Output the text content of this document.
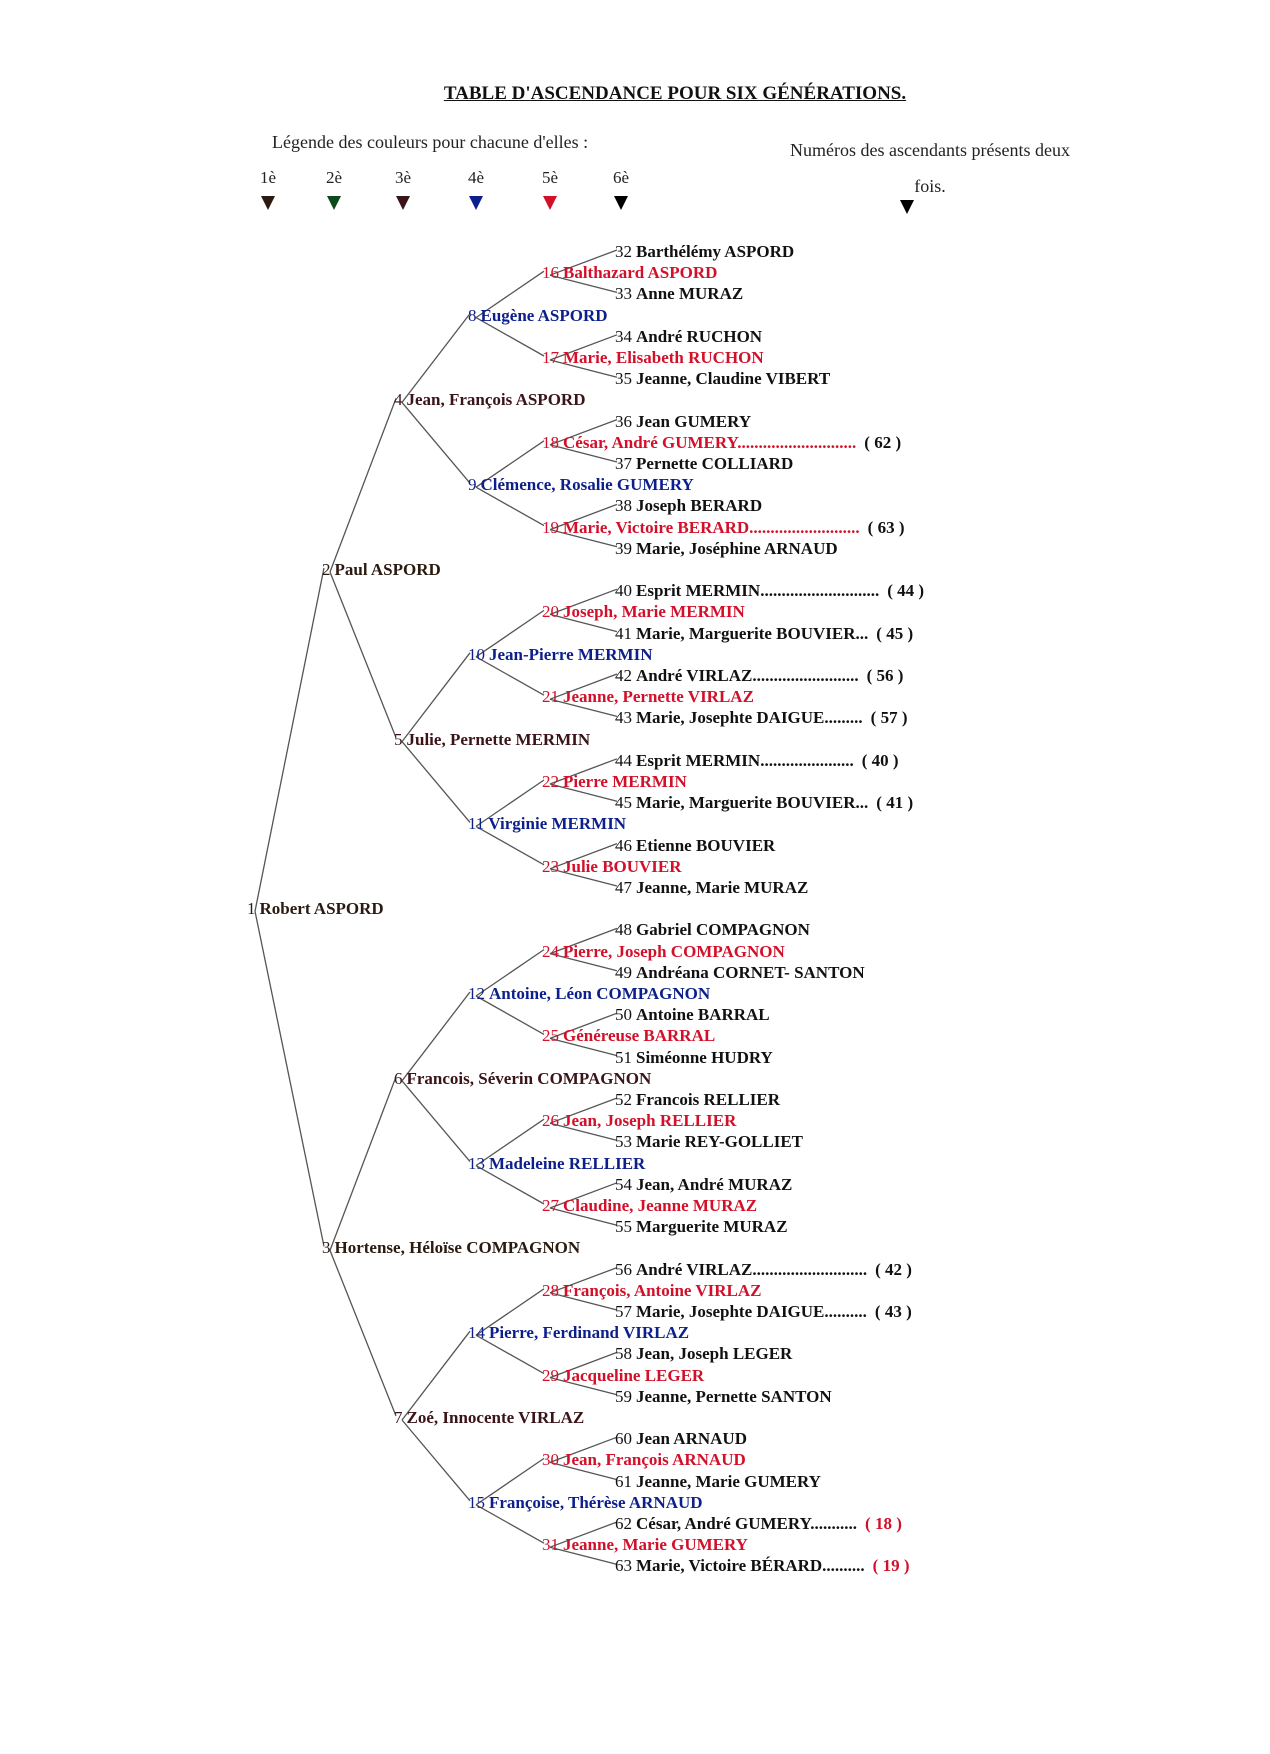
TABLE D'ASCENDANCE POUR SIX GÉNÉRATIONS.
Légende des couleurs pour chacune d'elles :	Numéros des ascendants présents deux fois.
1è	2è	3è	4è	5è	6è
1 Robert ASPORD
2 Paul ASPORD
3 Hortense, Héloïse COMPAGNON
4 Jean, François ASPORD
5 Julie, Pernette MERMIN
6 Francois, Séverin COMPAGNON
7 Zoé, Innocente VIRLAZ
8 Eugène ASPORD
9 Clémence, Rosalie GUMERY
10 Jean-Pierre MERMIN
11 Virginie MERMIN
12 Antoine, Léon COMPAGNON
13 Madeleine RELLIER
14 Pierre, Ferdinand VIRLAZ
15 Françoise, Thérèse ARNAUD
16 Balthazard ASPORD
17 Marie, Elisabeth RUCHON
18 César, André GUMERY............................ ( 62 )
19 Marie, Victoire BERARD.......................... ( 63 )
20 Joseph, Marie MERMIN
21 Jeanne, Pernette VIRLAZ
22 Pierre MERMIN
23 Julie BOUVIER
24 Pierre, Joseph COMPAGNON
25 Généreuse BARRAL
26 Jean, Joseph RELLIER
27 Claudine, Jeanne MURAZ
28 François, Antoine VIRLAZ
29 Jacqueline LEGER
30 Jean, François ARNAUD
31 Jeanne, Marie GUMERY
32 Barthélémy ASPORD
33 Anne MURAZ
34 André RUCHON
35 Jeanne, Claudine VIBERT
36 Jean GUMERY
37 Pernette COLLIARD
38 Joseph BERARD
39 Marie, Joséphine ARNAUD
40 Esprit MERMIN............................ ( 44 )
41 Marie, Marguerite BOUVIER... ( 45 )
42 André VIRLAZ......................... ( 56 )
43 Marie, Josephte DAIGUE......... ( 57 )
44 Esprit MERMIN...................... ( 40 )
45 Marie, Marguerite BOUVIER... ( 41 )
46 Etienne BOUVIER
47 Jeanne, Marie MURAZ
48 Gabriel COMPAGNON
49 Andréana CORNET- SANTON
50 Antoine BARRAL
51 Siméonne HUDRY
52 Francois RELLIER
53 Marie REY-GOLLIET
54 Jean, André MURAZ
55 Marguerite MURAZ
56 André VIRLAZ........................... ( 42 )
57 Marie, Josephte DAIGUE.......... ( 43 )
58 Jean, Joseph LEGER
59 Jeanne, Pernette SANTON
60 Jean ARNAUD
61 Jeanne, Marie GUMERY
62 César, André GUMERY........... ( 18 )
63 Marie, Victoire BÉRARD.......... ( 19 )
